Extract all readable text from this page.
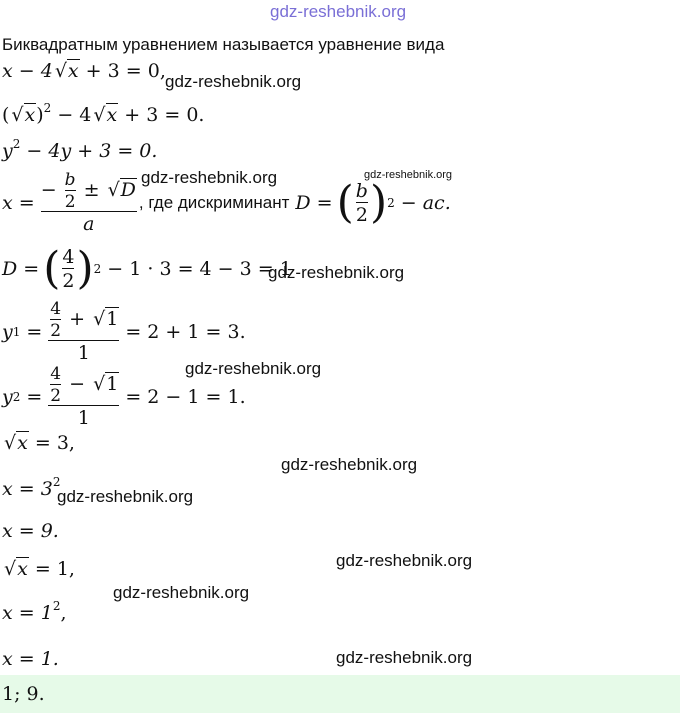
gdz-reshebnik.org
Биквадратным уравнением называется уравнение вида
x − 4 √x + 3 = 0, gdz-reshebnik.org
( √x)$^2$ − 4 √x + 3 = 0.
$y^2 - 4y + 3 = 0$.
gdz-reshebnik.org	gdz-reshebnik.org
$x = \frac{- \frac{b}{2} \pm √D}{a}$ , где дискриминант D = ( $\frac{b}{2}$ ) 2 − ac.
D = ( $\frac{4}{2}$ ) 2 − 1 · 3 = 4 − 3 = 1
gdz-reshebnik.org
y $1 = \frac{\frac{4}{2} + √1}{1} = 2 + 1 = 3$.
gdz-reshebnik.org
y $2 = \frac{\frac{4}{2} - √1}{1} = 2 - 1 = 1$.
√x = 3,
gdz-reshebnik.org
$x = 3^2$
gdz-reshebnik.org
x = 9.
√x = 1,	gdz-reshebnik.org
gdz-reshebnik.org
$x = 1^2$,
x = 1.	gdz-reshebnik.org
1; 9.
